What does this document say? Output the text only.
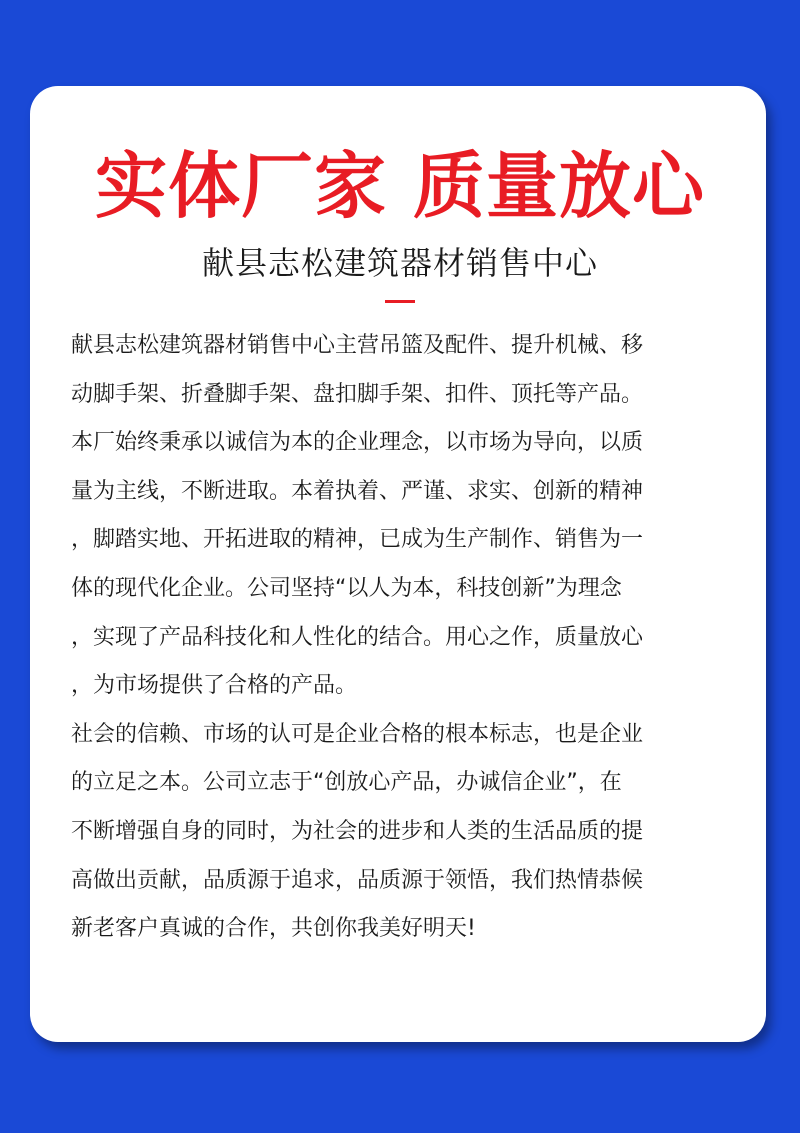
实体厂家 质量放心
献县志松建筑器材销售中心

献县志松建筑器材销售中心主营吊篮及配件、提升机械、移
动脚手架、折叠脚手架、盘扣脚手架、扣件、顶托等产品。

本厂始终秉承以诚信为本的企业理念，以市场为导向，以质
量为主线，不断进取。本着执着、严谨、求实、创新的精神
，脚踏实地、开拓进取的精神，已成为生产制作、销售为一
体的现代化企业。公司坚持“以人为本，科技创新”为理念
，实现了产品科技化和人性化的结合。用心之作，质量放心
，为市场提供了合格的产品。

社会的信赖、市场的认可是企业合格的根本标志，也是企业
的立足之本。公司立志于“创放心产品，办诚信企业”，在
不断增强自身的同时，为社会的进步和人类的生活品质的提
高做出贡献，品质源于追求，品质源于领悟，我们热情恭候
新老客户真诚的合作，共创你我美好明天!
